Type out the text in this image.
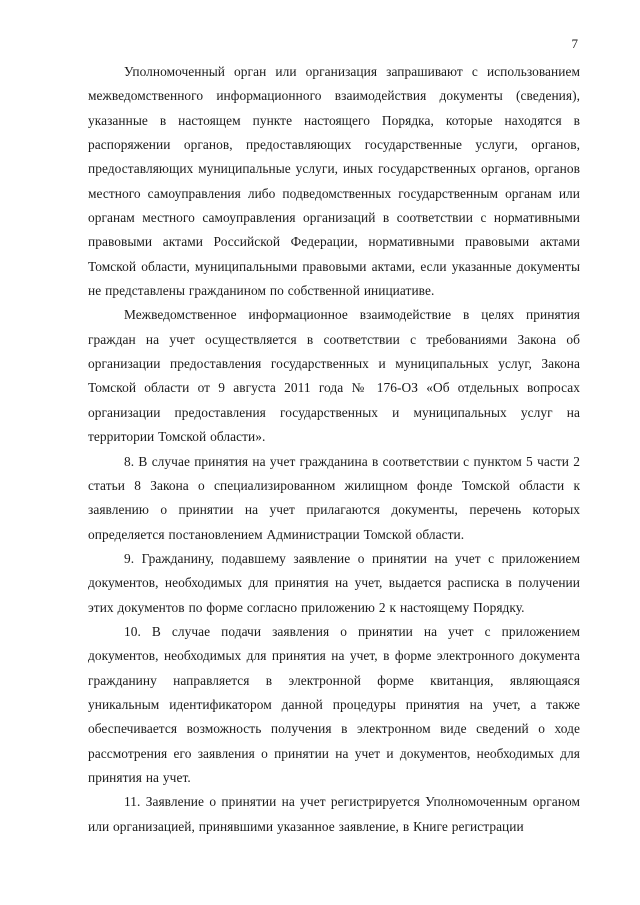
7

Уполномоченный орган или организация запрашивают с использованием межведомственного информационного взаимодействия документы (сведения), указанные в настоящем пункте настоящего Порядка, которые находятся в распоряжении органов, предоставляющих государственные услуги, органов, предоставляющих муниципальные услуги, иных государственных органов, органов местного самоуправления либо подведомственных государственным органам или органам местного самоуправления организаций в соответствии с нормативными правовыми актами Российской Федерации, нормативными правовыми актами Томской области, муниципальными правовыми актами, если указанные документы не представлены гражданином по собственной инициативе.

Межведомственное информационное взаимодействие в целях принятия граждан на учет осуществляется в соответствии с требованиями Закона об организации предоставления государственных и муниципальных услуг, Закона Томской области от 9 августа 2011 года № 176-ОЗ «Об отдельных вопросах организации предоставления государственных и муниципальных услуг на территории Томской области».

8. В случае принятия на учет гражданина в соответствии с пунктом 5 части 2 статьи 8 Закона о специализированном жилищном фонде Томской области к заявлению о принятии на учет прилагаются документы, перечень которых определяется постановлением Администрации Томской области.

9. Гражданину, подавшему заявление о принятии на учет с приложением документов, необходимых для принятия на учет, выдается расписка в получении этих документов по форме согласно приложению 2 к настоящему Порядку.

10. В случае подачи заявления о принятии на учет с приложением документов, необходимых для принятия на учет, в форме электронного документа гражданину направляется в электронной форме квитанция, являющаяся уникальным идентификатором данной процедуры принятия на учет, а также обеспечивается возможность получения в электронном виде сведений о ходе рассмотрения его заявления о принятии на учет и документов, необходимых для принятия на учет.

11. Заявление о принятии на учет регистрируется Уполномоченным органом или организацией, принявшими указанное заявление, в Книге регистрации
